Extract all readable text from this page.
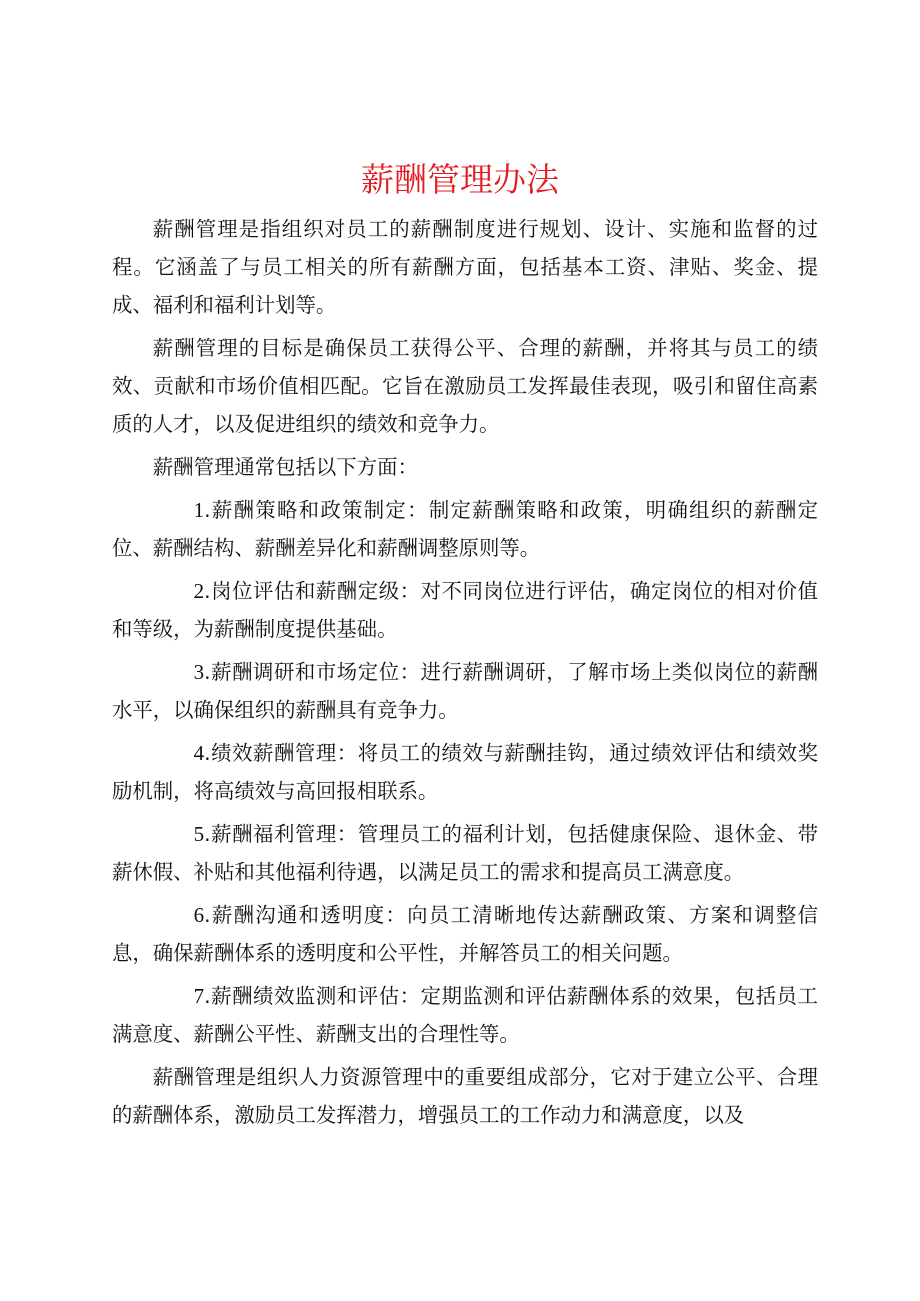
薪酬管理办法

薪酬管理是指组织对员工的薪酬制度进行规划、设计、实施和监督的过程。它涵盖了与员工相关的所有薪酬方面，包括基本工资、津贴、奖金、提成、福利和福利计划等。

薪酬管理的目标是确保员工获得公平、合理的薪酬，并将其与员工的绩效、贡献和市场价值相匹配。它旨在激励员工发挥最佳表现，吸引和留住高素质的人才，以及促进组织的绩效和竞争力。

薪酬管理通常包括以下方面：

1.薪酬策略和政策制定：制定薪酬策略和政策，明确组织的薪酬定位、薪酬结构、薪酬差异化和薪酬调整原则等。

2.岗位评估和薪酬定级：对不同岗位进行评估，确定岗位的相对价值和等级，为薪酬制度提供基础。

3.薪酬调研和市场定位：进行薪酬调研，了解市场上类似岗位的薪酬水平，以确保组织的薪酬具有竞争力。

4.绩效薪酬管理：将员工的绩效与薪酬挂钩，通过绩效评估和绩效奖励机制，将高绩效与高回报相联系。

5.薪酬福利管理：管理员工的福利计划，包括健康保险、退休金、带薪休假、补贴和其他福利待遇，以满足员工的需求和提高员工满意度。

6.薪酬沟通和透明度：向员工清晰地传达薪酬政策、方案和调整信息，确保薪酬体系的透明度和公平性，并解答员工的相关问题。

7.薪酬绩效监测和评估：定期监测和评估薪酬体系的效果，包括员工满意度、薪酬公平性、薪酬支出的合理性等。

薪酬管理是组织人力资源管理中的重要组成部分，它对于建立公平、合理的薪酬体系，激励员工发挥潜力，增强员工的工作动力和满意度，以及
